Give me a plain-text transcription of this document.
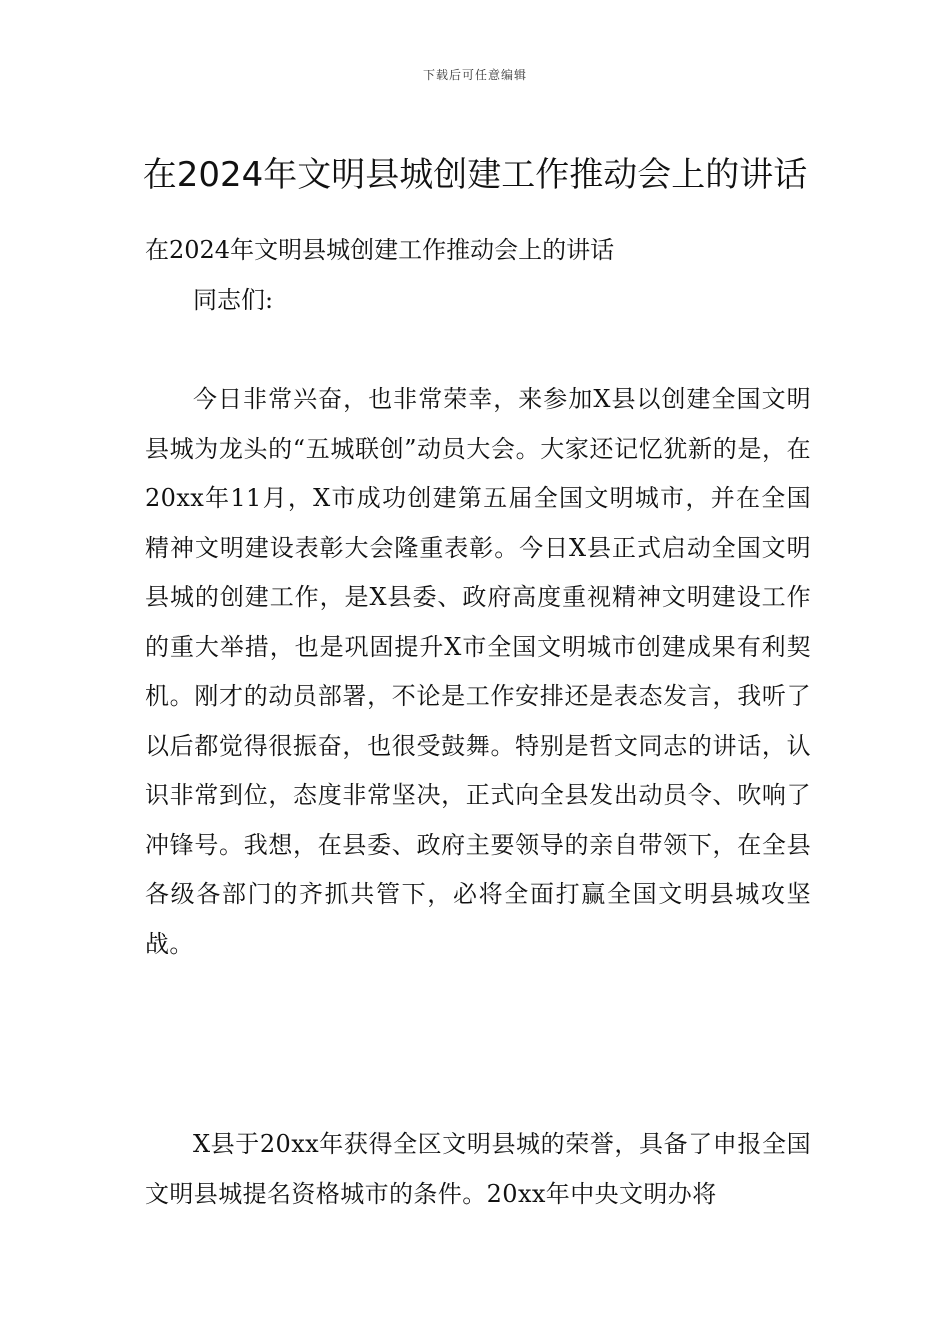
下载后可任意编辑
在2024年文明县城创建工作推动会上的讲话
在2024年文明县城创建工作推动会上的讲话
同志们:

今日非常兴奋，也非常荣幸，来参加X县以创建全国文明县城为龙头的“五城联创”动员大会。大家还记忆犹新的是，在20xx年11月，X市成功创建第五届全国文明城市，并在全国精神文明建设表彰大会隆重表彰。今日X县正式启动全国文明县城的创建工作，是X县委、政府高度重视精神文明建设工作的重大举措，也是巩固提升X市全国文明城市创建成果有利契机。刚才的动员部署，不论是工作安排还是表态发言，我听了以后都觉得很振奋，也很受鼓舞。特别是哲文同志的讲话，认识非常到位，态度非常坚决，正式向全县发出动员令、吹响了冲锋号。我想，在县委、政府主要领导的亲自带领下，在全县各级各部门的齐抓共管下，必将全面打赢全国文明县城攻坚战。

X县于20xx年获得全区文明县城的荣誉，具备了申报全国文明县城提名资格城市的条件。20xx年中央文明办将
